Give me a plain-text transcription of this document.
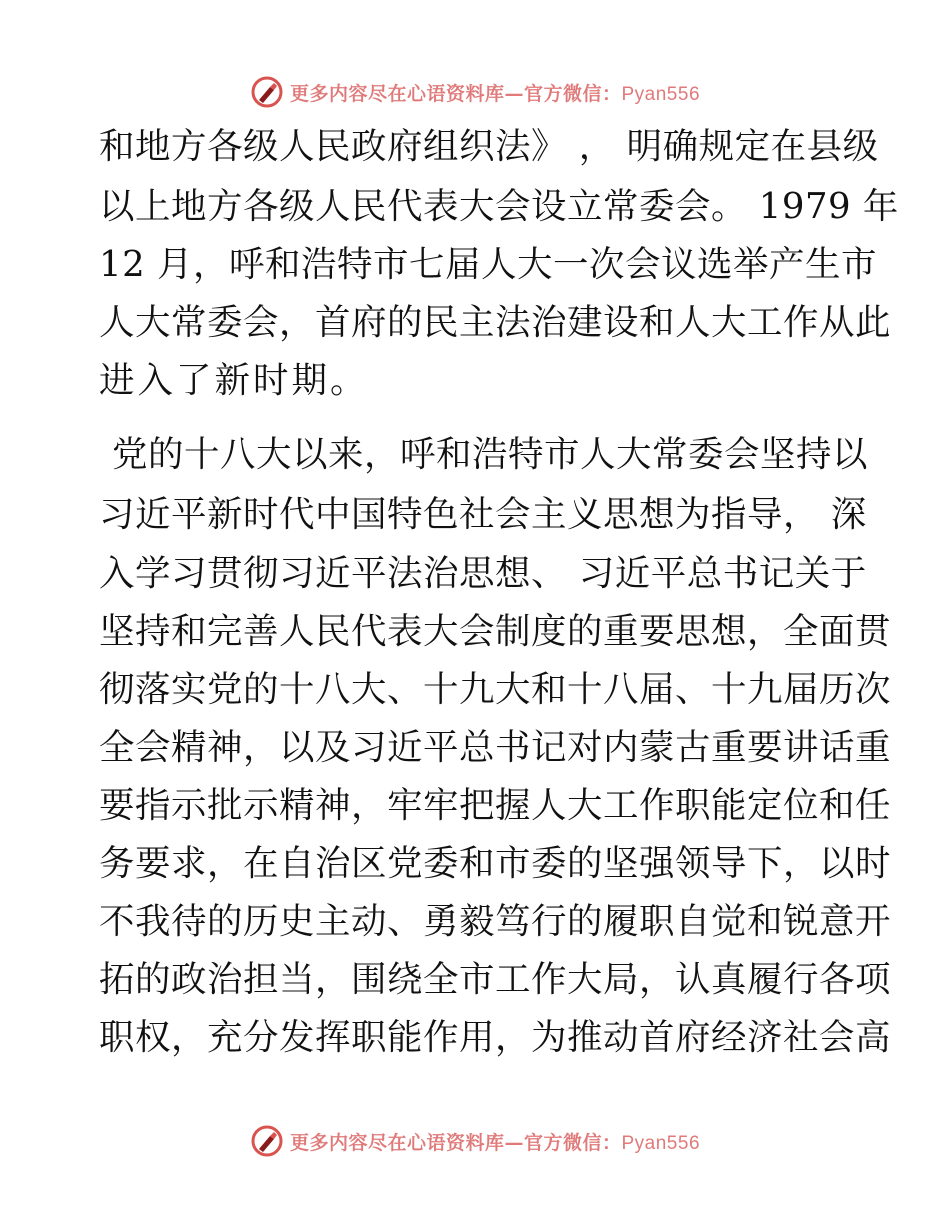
更多内容尽在心语资料库—官方微信：Pyan556
和地方各级人民政府组织法》 ， 明确规定在县级
以上地方各级人民代表大会设立常委会。 1979 年
12 月，呼和浩特市七届人大一次会议选举产生市
人大常委会，首府的民主法治建设和人大工作从此
进入了新时期。
党的十八大以来，呼和浩特市人大常委会坚持以
习近平新时代中国特色社会主义思想为指导， 深
入学习贯彻习近平法治思想、 习近平总书记关于
坚持和完善人民代表大会制度的重要思想，全面贯
彻落实党的十八大、十九大和十八届、十九届历次
全会精神，以及习近平总书记对内蒙古重要讲话重
要指示批示精神，牢牢把握人大工作职能定位和任
务要求，在自治区党委和市委的坚强领导下，以时
不我待的历史主动、勇毅笃行的履职自觉和锐意开
拓的政治担当，围绕全市工作大局，认真履行各项
职权，充分发挥职能作用，为推动首府经济社会高
更多内容尽在心语资料库—官方微信：Pyan556
